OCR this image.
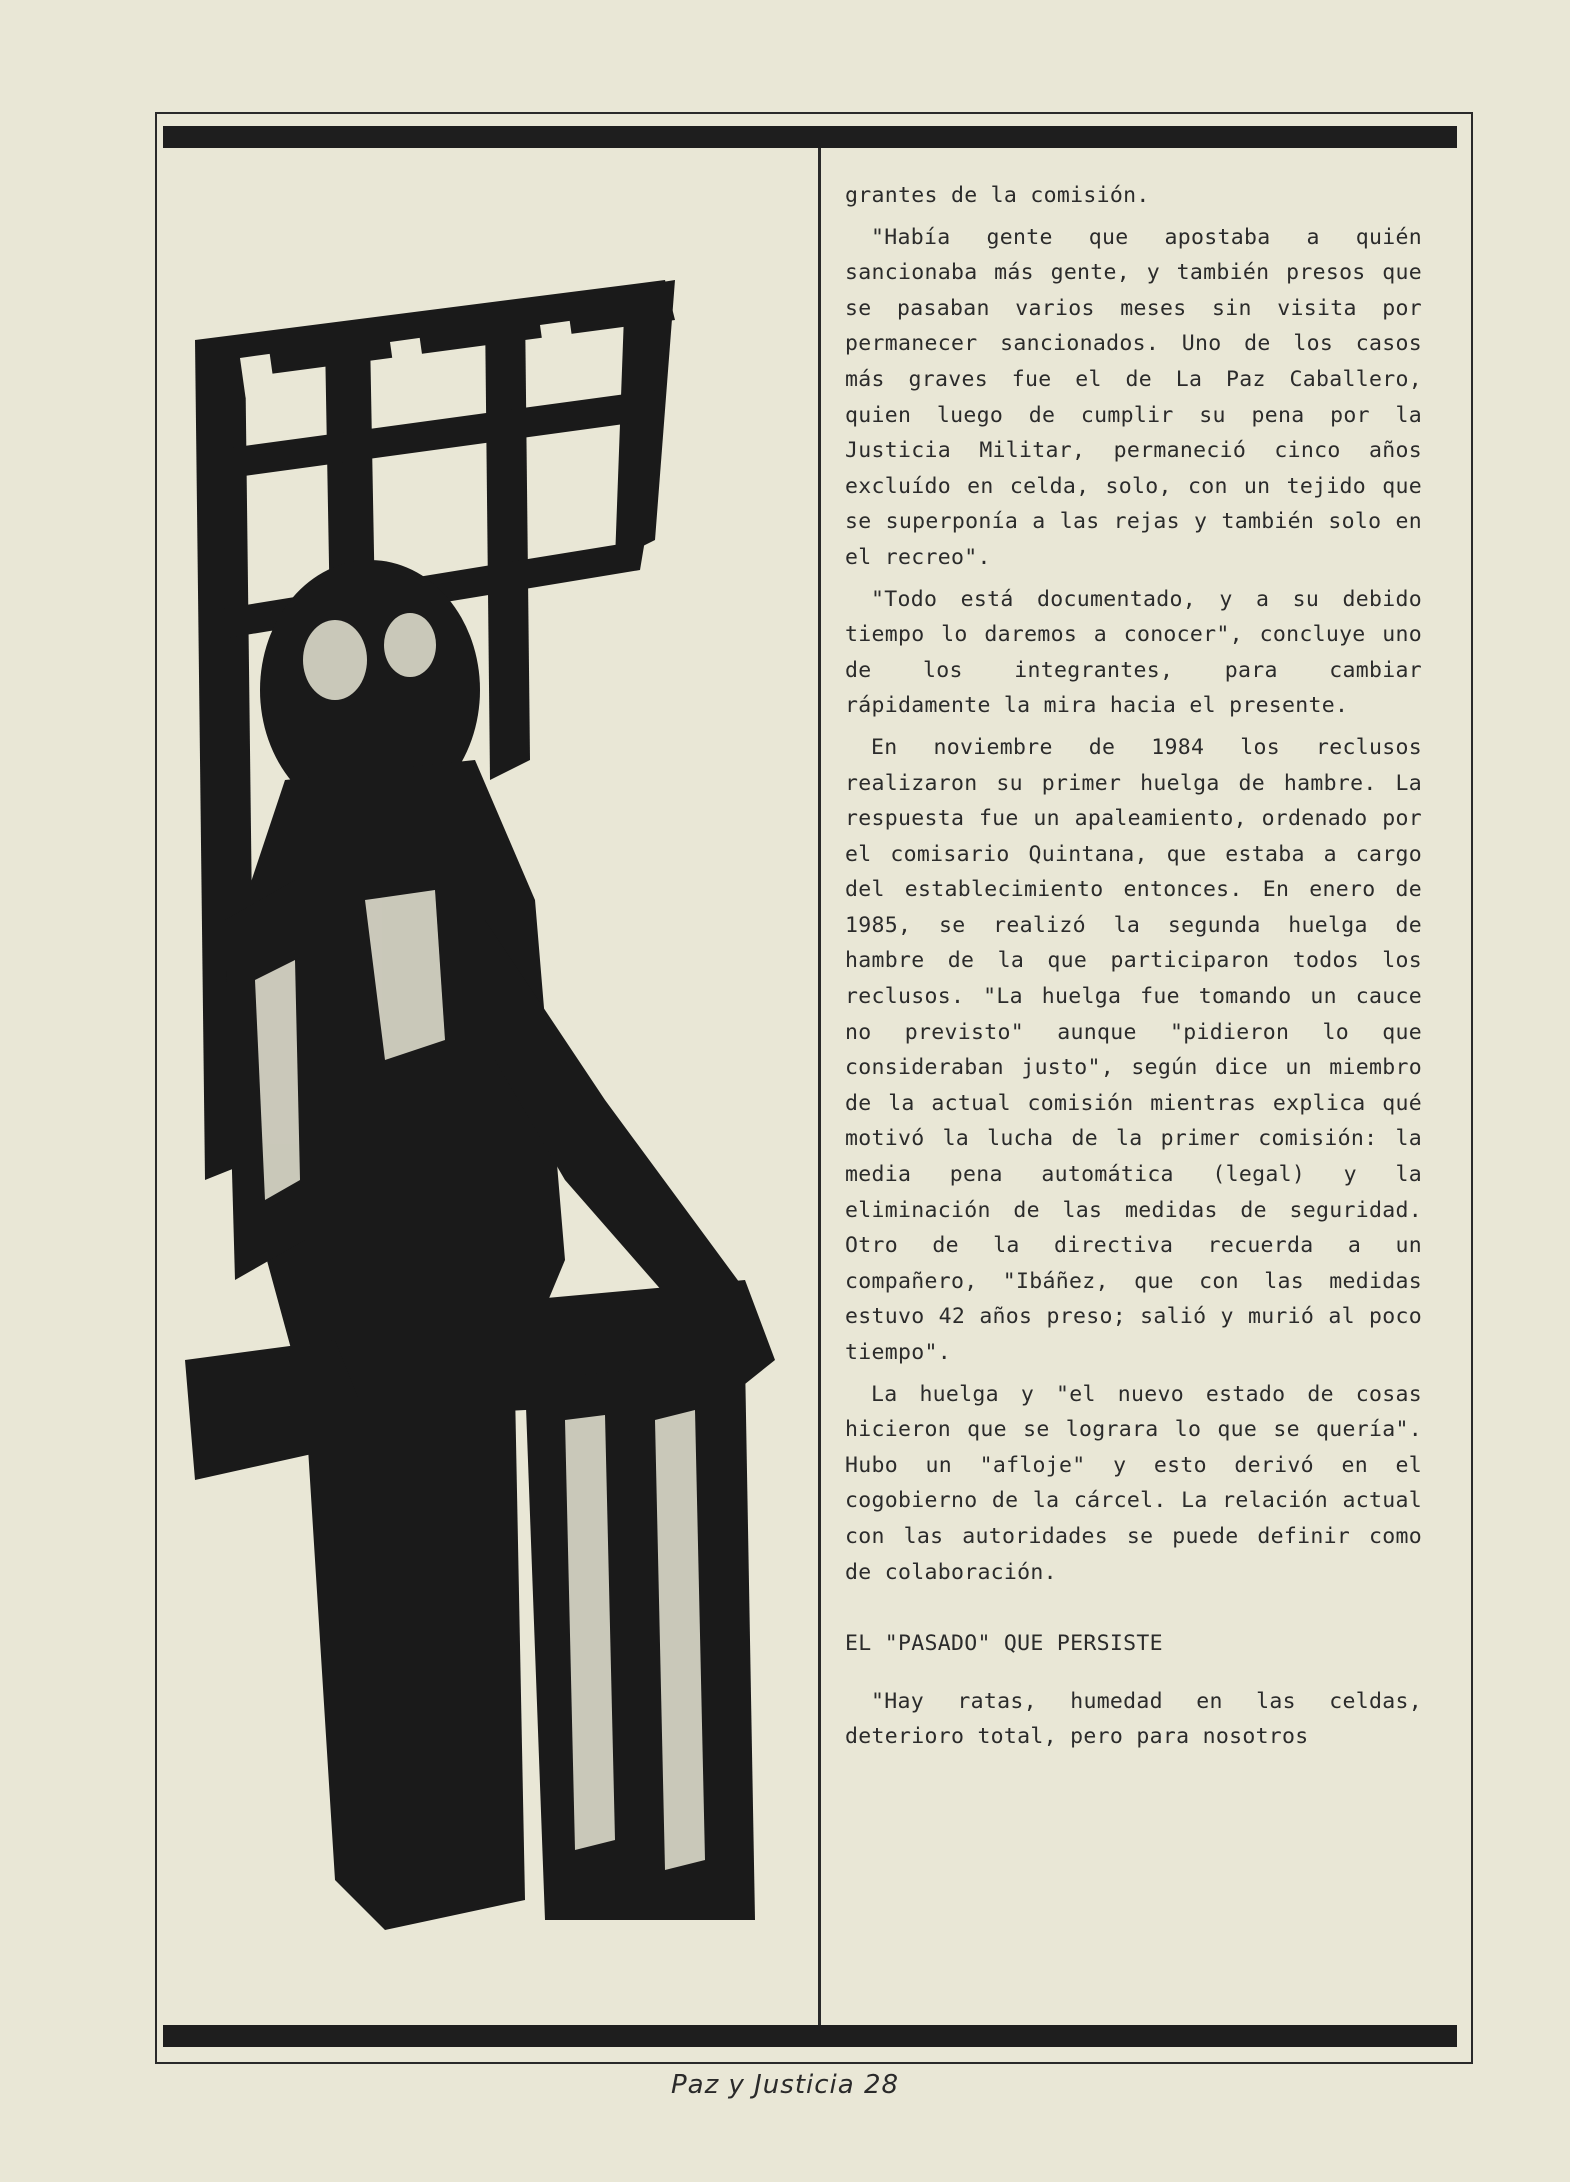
grantes de la comisión.

"Había gente que apostaba a quién sancionaba más gente, y también presos que se pasaban varios meses sin visita por permanecer sancionados. Uno de los casos más graves fue el de La Paz Caballero, quien luego de cumplir su pena por la Justicia Militar, permaneció cinco años excluído en celda, solo, con un tejido que se superponía a las rejas y también solo en el recreo".

"Todo está documentado, y a su debido tiempo lo daremos a conocer", concluye uno de los integrantes, para cambiar rápidamente la mira hacia el presente.

En noviembre de 1984 los reclusos realizaron su primer huelga de hambre. La respuesta fue un apaleamiento, ordenado por el comisario Quintana, que estaba a cargo del establecimiento entonces. En enero de 1985, se realizó la segunda huelga de hambre de la que participaron todos los reclusos. "La huelga fue tomando un cauce no previsto" aunque "pidieron lo que consideraban justo", según dice un miembro de la actual comisión mientras explica qué motivó la lucha de la primer comisión: la media pena automática (legal) y la eliminación de las medidas de seguridad. Otro de la directiva recuerda a un compañero, "Ibáñez, que con las medidas estuvo 42 años preso; salió y murió al poco tiempo".

La huelga y "el nuevo estado de cosas hicieron que se lograra lo que se quería". Hubo un "afloje" y esto derivó en el cogobierno de la cárcel. La relación actual con las autoridades se puede definir como de colaboración.

EL "PASADO" QUE PERSISTE

"Hay ratas, humedad en las celdas, deterioro total, pero para nosotros

Paz y Justicia 28
